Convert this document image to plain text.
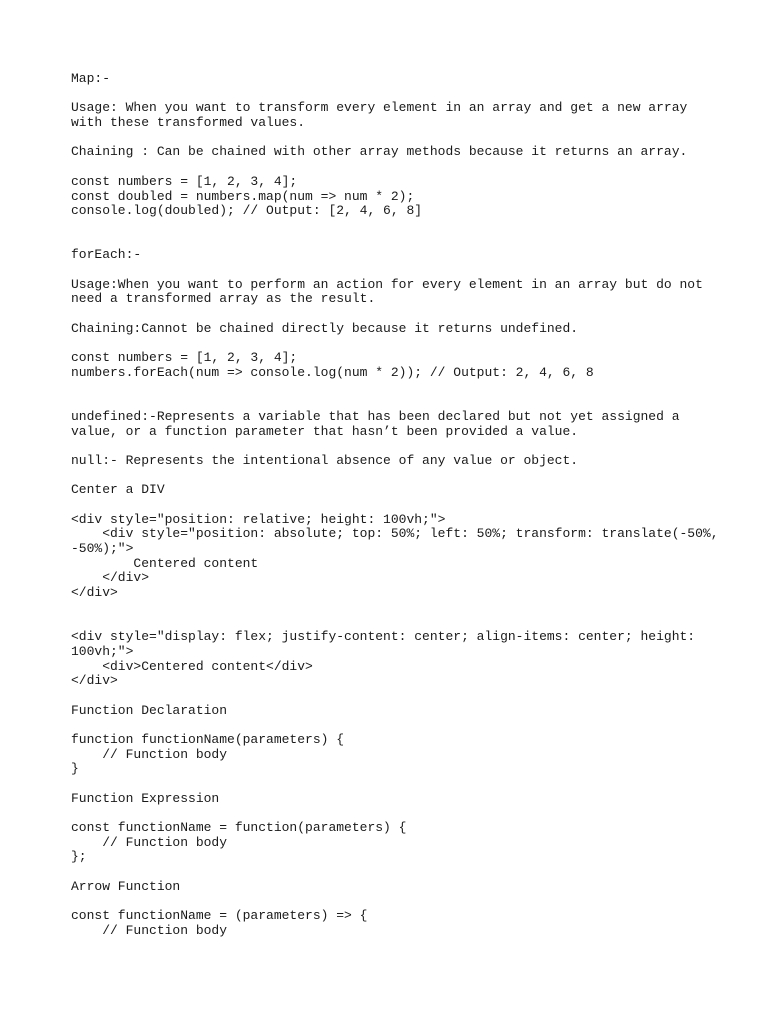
Map:-
Usage: When you want to transform every element in an array and get a new array
with these transformed values.
Chaining : Can be chained with other array methods because it returns an array.
const numbers = [1, 2, 3, 4];
const doubled = numbers.map(num => num * 2);
console.log(doubled); // Output: [2, 4, 6, 8]
forEach:-
Usage:When you want to perform an action for every element in an array but do not
need a transformed array as the result.
Chaining:Cannot be chained directly because it returns undefined.
const numbers = [1, 2, 3, 4];
numbers.forEach(num => console.log(num * 2)); // Output: 2, 4, 6, 8
undefined:-Represents a variable that has been declared but not yet assigned a
value, or a function parameter that hasn’t been provided a value.
null:- Represents the intentional absence of any value or object.
Center a DIV
<div style="position: relative; height: 100vh;">
<div style="position: absolute; top: 50%; left: 50%; transform: translate(-50%,
-50%);">
Centered content
</div>
</div>
<div style="display: flex; justify-content: center; align-items: center; height:
100vh;">
<div>Centered content</div>
</div>
Function Declaration
function functionName(parameters) {
// Function body
}
Function Expression
const functionName = function(parameters) {
// Function body
};
Arrow Function
const functionName = (parameters) => {
// Function body
